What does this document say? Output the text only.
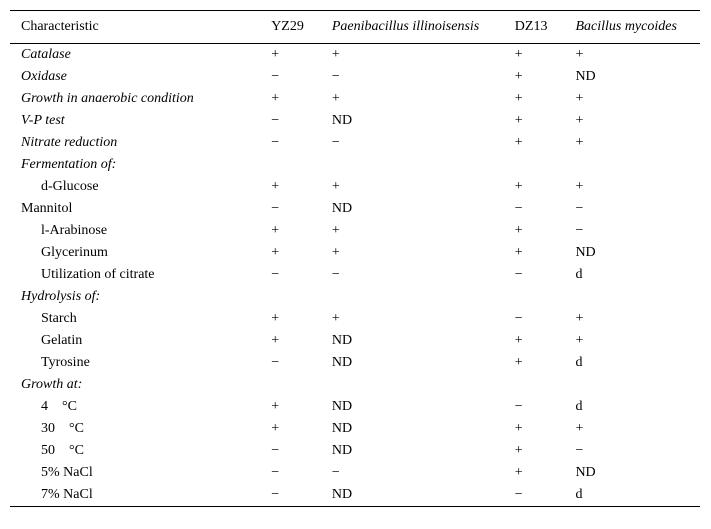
Characteristic	YZ29	Paenibacillus illinoisensis	DZ13	Bacillus mycoides
Catalase	+	+	+	+
Oxidase	−	−	+	ND
Growth in anaerobic condition	+	+	+	+
V-P test	−	ND	+	+
Nitrate reduction	−	−	+	+
Fermentation of:				
d-Glucose	+	+	+	+
Mannitol	−	ND	−	−
l-Arabinose	+	+	+	−
Glycerinum	+	+	+	ND
Utilization of citrate	−	−	−	d
Hydrolysis of:				
Starch	+	+	−	+
Gelatin	+	ND	+	+
Tyrosine	−	ND	+	d
Growth at:				
4 °C	+	ND	−	d
30 °C	+	ND	+	+
50 °C	−	ND	+	−
5% NaCl	−	−	+	ND
7% NaCl	−	ND	−	d
